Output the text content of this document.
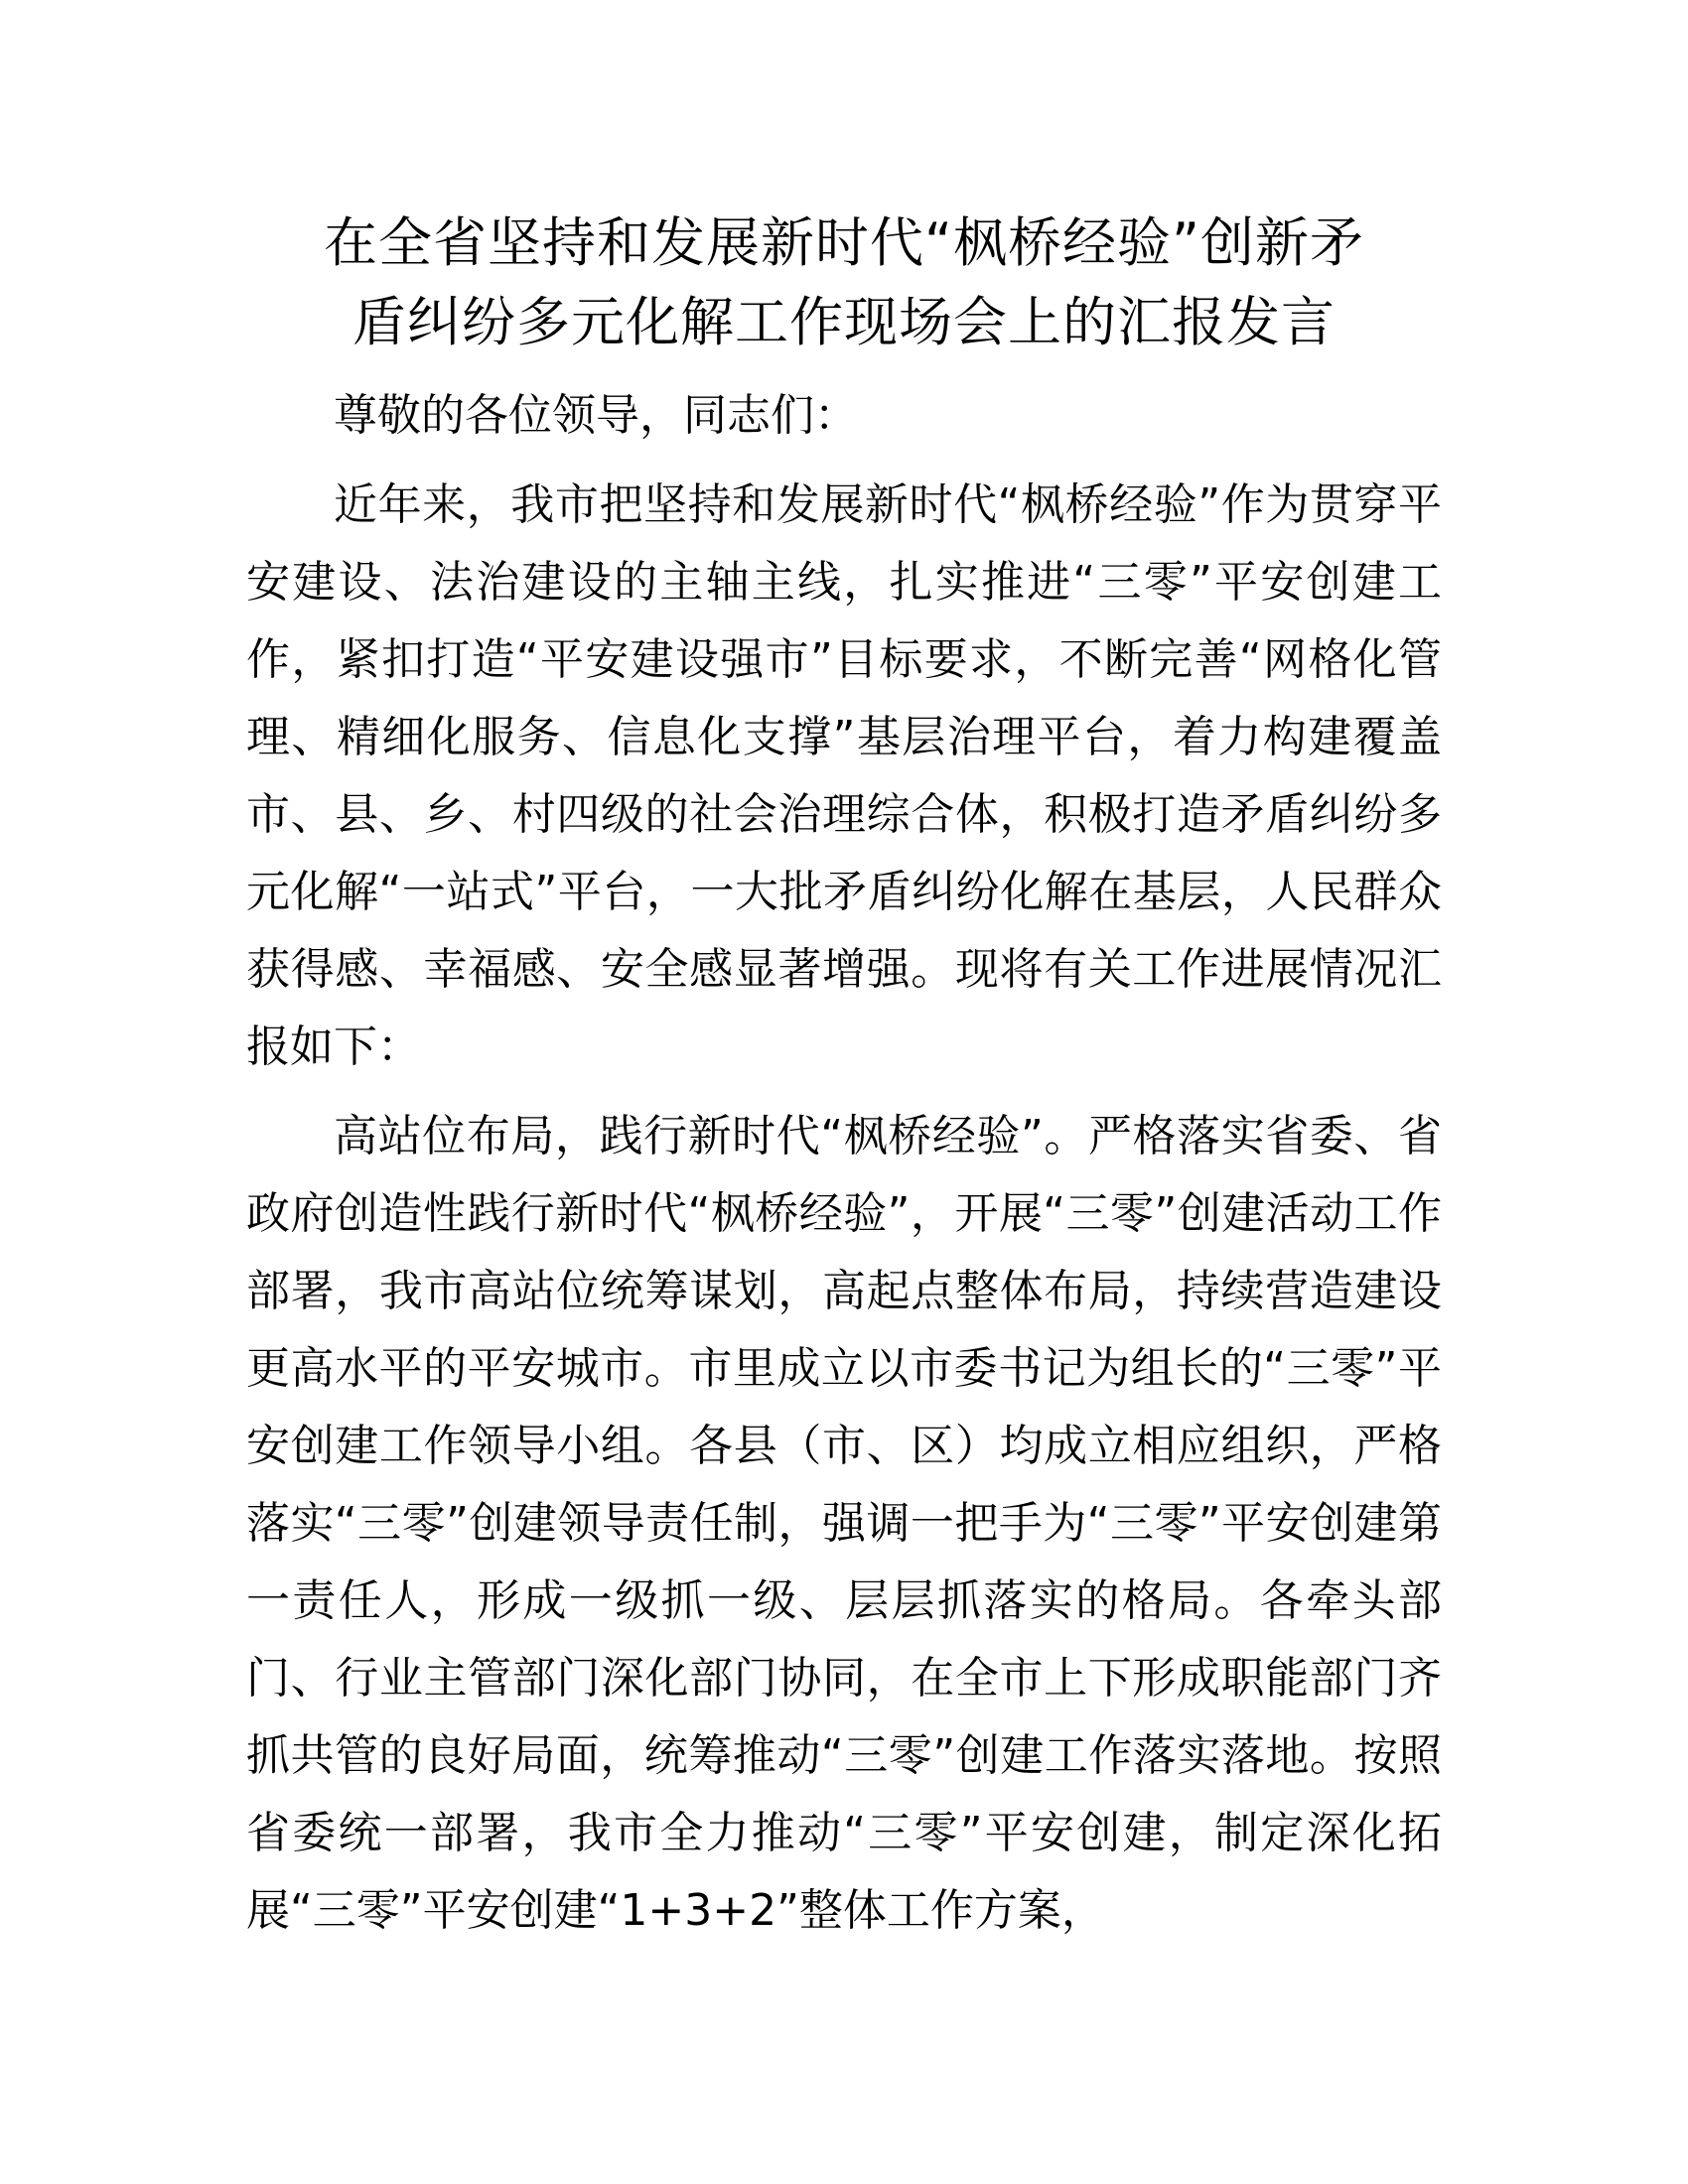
在全省坚持和发展新时代“枫桥经验”创新矛
盾纠纷多元化解工作现场会上的汇报发言

尊敬的各位领导，同志们：

近年来，我市把坚持和发展新时代“枫桥经验”作为贯穿平安建设、法治建设的主轴主线，扎实推进“三零”平安创建工作，紧扣打造“平安建设强市”目标要求，不断完善“网格化管理、精细化服务、信息化支撑”基层治理平台，着力构建覆盖市、县、乡、村四级的社会治理综合体，积极打造矛盾纠纷多元化解“一站式”平台，一大批矛盾纠纷化解在基层，人民群众获得感、幸福感、安全感显著增强。现将有关工作进展情况汇报如下：

高站位布局，践行新时代“枫桥经验”。严格落实省委、省政府创造性践行新时代“枫桥经验”，开展“三零”创建活动工作部署，我市高站位统筹谋划，高起点整体布局，持续营造建设更高水平的平安城市。市里成立以市委书记为组长的“三零”平安创建工作领导小组。各县（市、区）均成立相应组织，严格落实“三零”创建领导责任制，强调一把手为“三零”平安创建第一责任人，形成一级抓一级、层层抓落实的格局。各牵头部门、行业主管部门深化部门协同，在全市上下形成职能部门齐抓共管的良好局面，统筹推动“三零”创建工作落实落地。按照省委统一部署，我市全力推动“三零”平安创建，制定深化拓展“三零”平安创建“1+3+2”整体工作方案，
